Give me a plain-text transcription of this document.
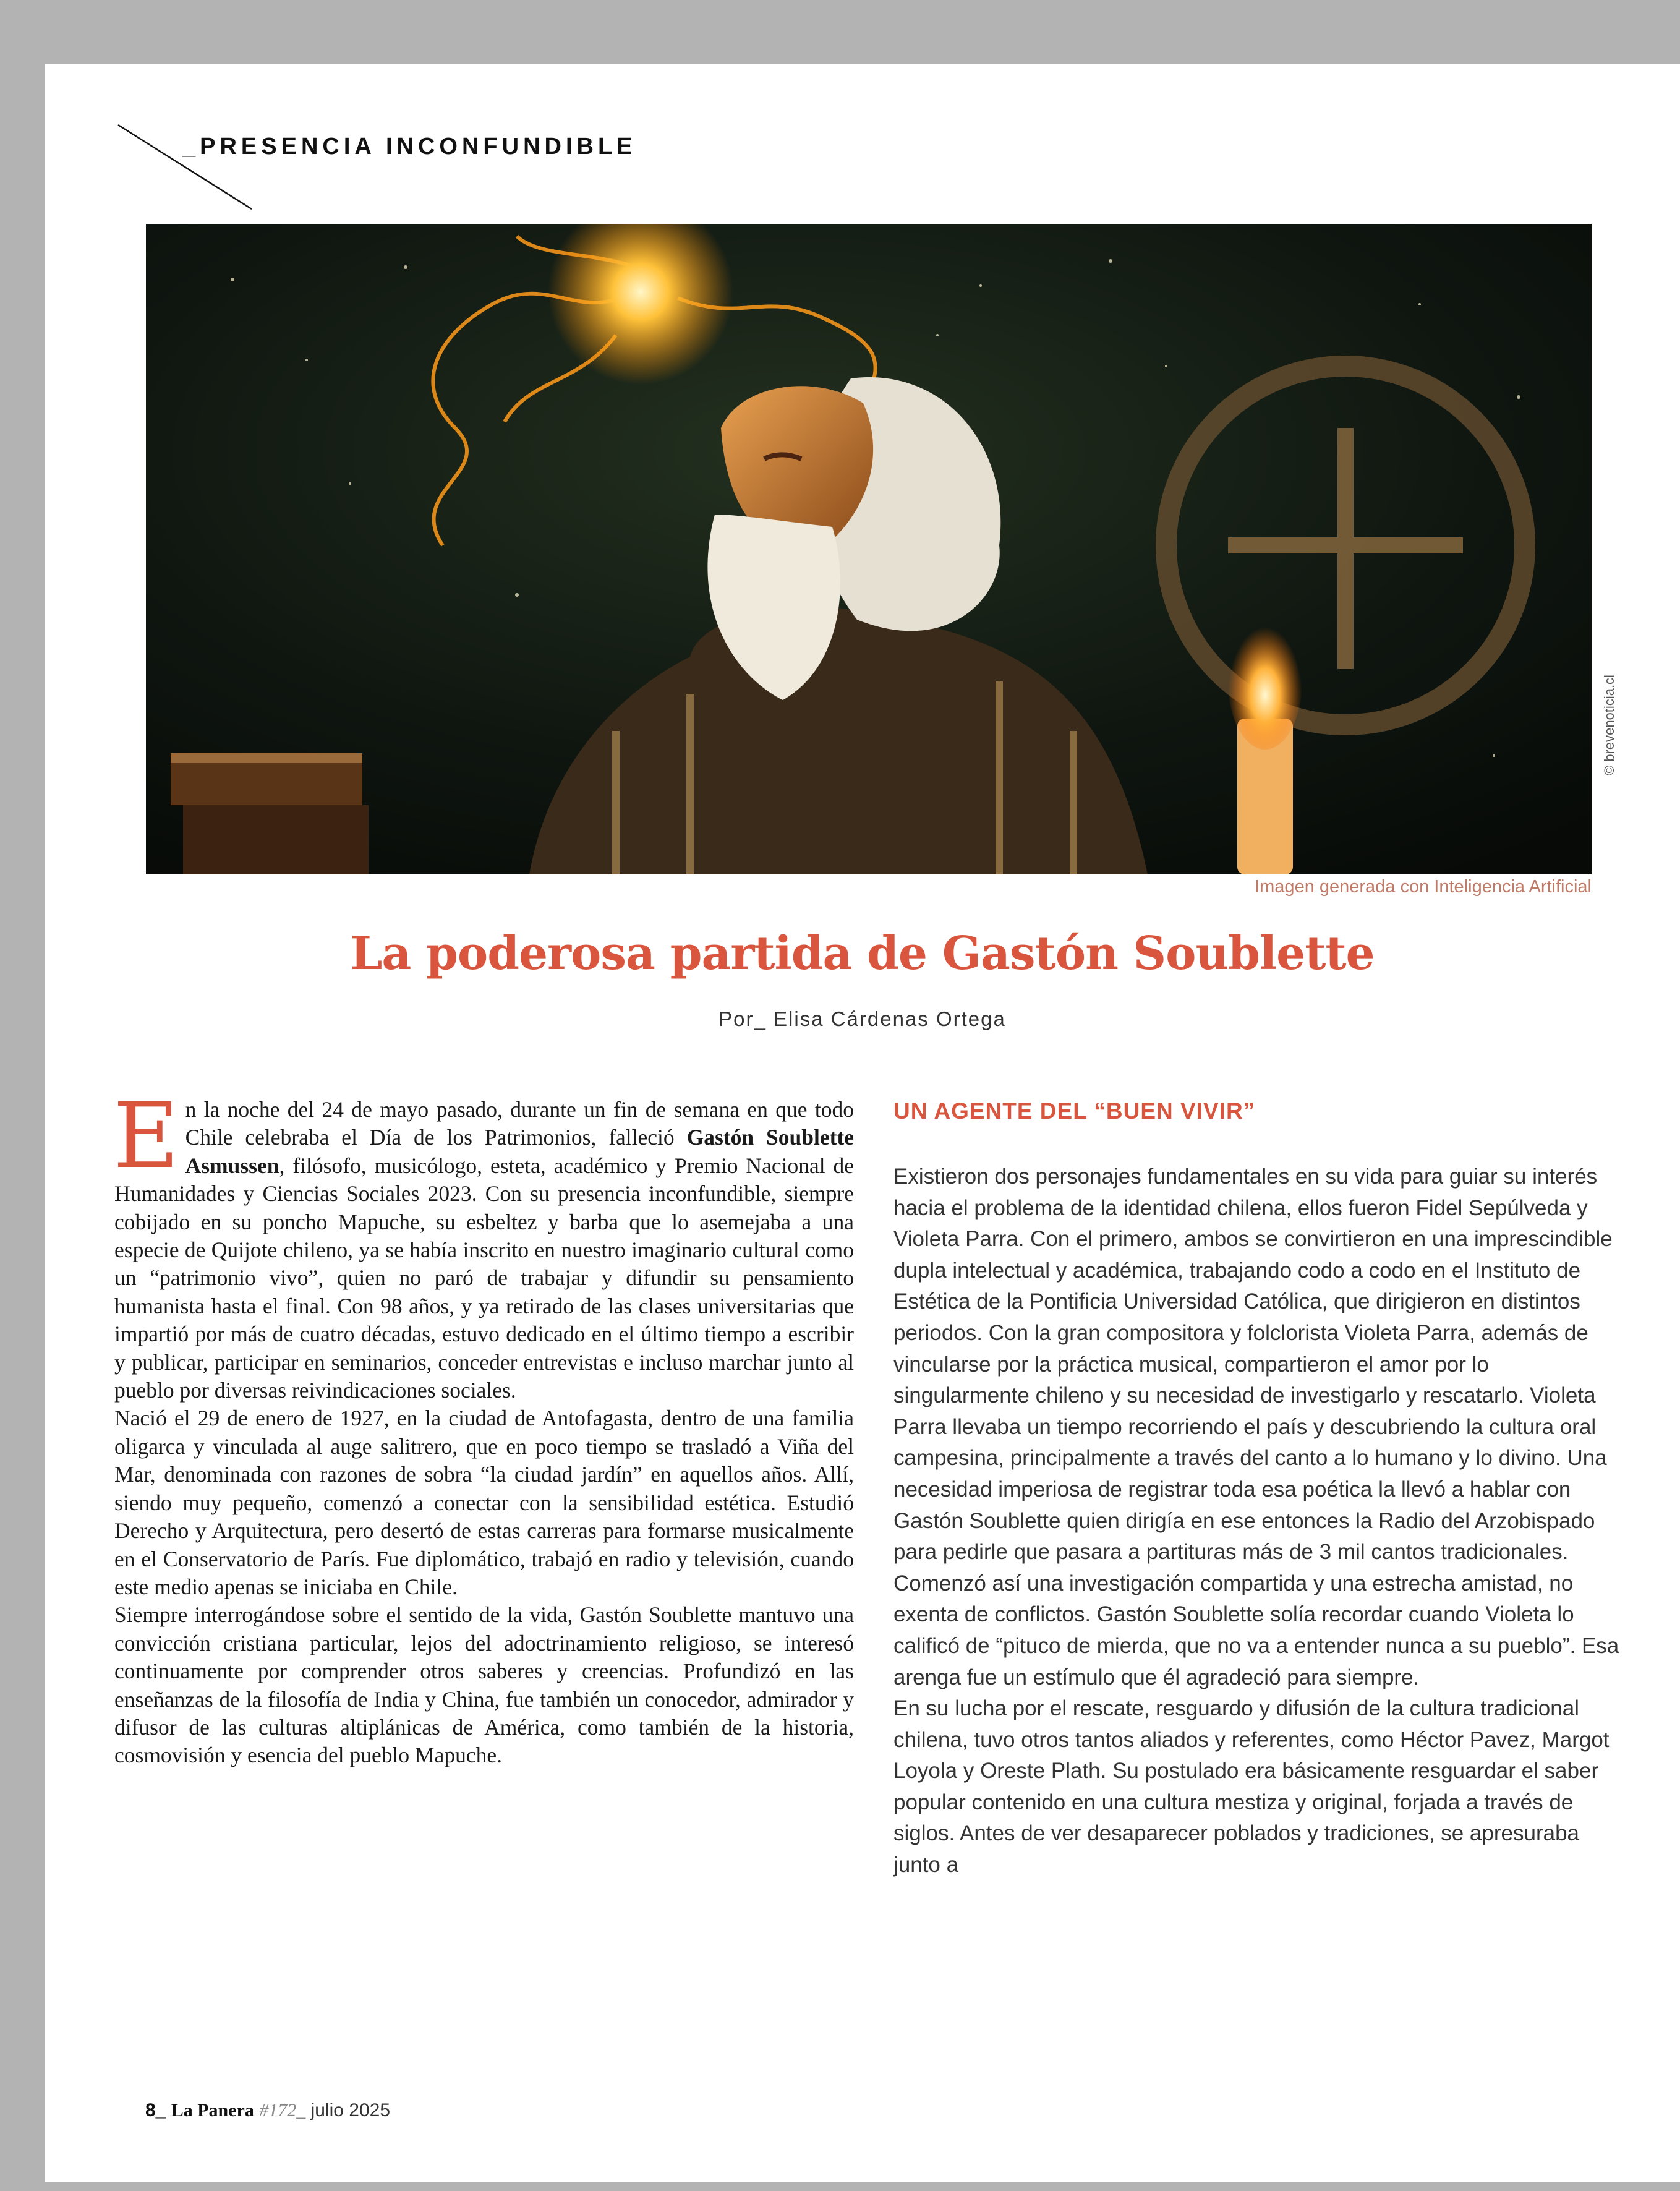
_PRESENCIA INCONFUNDIBLE

© brevenoticia.cl

Imagen generada con Inteligencia Artificial

La poderosa partida de Gastón Soublette

Por_ Elisa Cárdenas Ortega

En la noche del 24 de mayo pasado, durante un fin de semana en que todo Chile celebraba el Día de los Patrimonios, falleció Gastón Soublette Asmussen, filósofo, musicólogo, esteta, académico y Premio Nacional de Humanidades y Ciencias Sociales 2023. Con su presencia inconfundible, siempre cobijado en su poncho Mapuche, su esbeltez y barba que lo asemejaba a una especie de Quijote chileno, ya se había inscrito en nuestro imaginario cultural como un “patrimonio vivo”, quien no paró de trabajar y difundir su pensamiento humanista hasta el final. Con 98 años, y ya retirado de las clases universitarias que impartió por más de cuatro décadas, estuvo dedicado en el último tiempo a escribir y publicar, participar en seminarios, conceder entrevistas e incluso marchar junto al pueblo por diversas reivindicaciones sociales.

Nació el 29 de enero de 1927, en la ciudad de Antofagasta, dentro de una familia oligarca y vinculada al auge salitrero, que en poco tiempo se trasladó a Viña del Mar, denominada con razones de sobra “la ciudad jardín” en aquellos años. Allí, siendo muy pequeño, comenzó a conectar con la sensibilidad estética. Estudió Derecho y Arquitectura, pero desertó de estas carreras para formarse musicalmente en el Conservatorio de París. Fue diplomático, trabajó en radio y televisión, cuando este medio apenas se iniciaba en Chile.

Siempre interrogándose sobre el sentido de la vida, Gastón Soublette mantuvo una convicción cristiana particular, lejos del adoctrinamiento religioso, se interesó continuamente por comprender otros saberes y creencias. Profundizó en las enseñanzas de la filosofía de India y China, fue también un conocedor, admirador y difusor de las culturas altiplánicas de América, como también de la historia, cosmovisión y esencia del pueblo Mapuche.

UN AGENTE DEL “BUEN VIVIR”

Existieron dos personajes fundamentales en su vida para guiar su interés hacia el problema de la identidad chilena, ellos fueron Fidel Sepúlveda y Violeta Parra. Con el primero, ambos se convirtieron en una imprescindible dupla intelectual y académica, trabajando codo a codo en el Instituto de Estética de la Pontificia Universidad Católica, que dirigieron en distintos periodos. Con la gran compositora y folclorista Violeta Parra, además de vincularse por la práctica musical, compartieron el amor por lo singularmente chileno y su necesidad de investigarlo y rescatarlo. Violeta Parra llevaba un tiempo recorriendo el país y descubriendo la cultura oral campesina, principalmente a través del canto a lo humano y lo divino. Una necesidad imperiosa de registrar toda esa poética la llevó a hablar con Gastón Soublette quien dirigía en ese entonces la Radio del Arzobispado para pedirle que pasara a partituras más de 3 mil cantos tradicionales. Comenzó así una investigación compartida y una estrecha amistad, no exenta de conflictos. Gastón Soublette solía recordar cuando Violeta lo calificó de “pituco de mierda, que no va a entender nunca a su pueblo”. Esa arenga fue un estímulo que él agradeció para siempre.

En su lucha por el rescate, resguardo y difusión de la cultura tradicional chilena, tuvo otros tantos aliados y referentes, como Héctor Pavez, Margot Loyola y Oreste Plath. Su postulado era básicamente resguardar el saber popular contenido en una cultura mestiza y original, forjada a través de siglos. Antes de ver desaparecer poblados y tradiciones, se apresuraba junto a

8_ La Panera #172_ julio 2025
